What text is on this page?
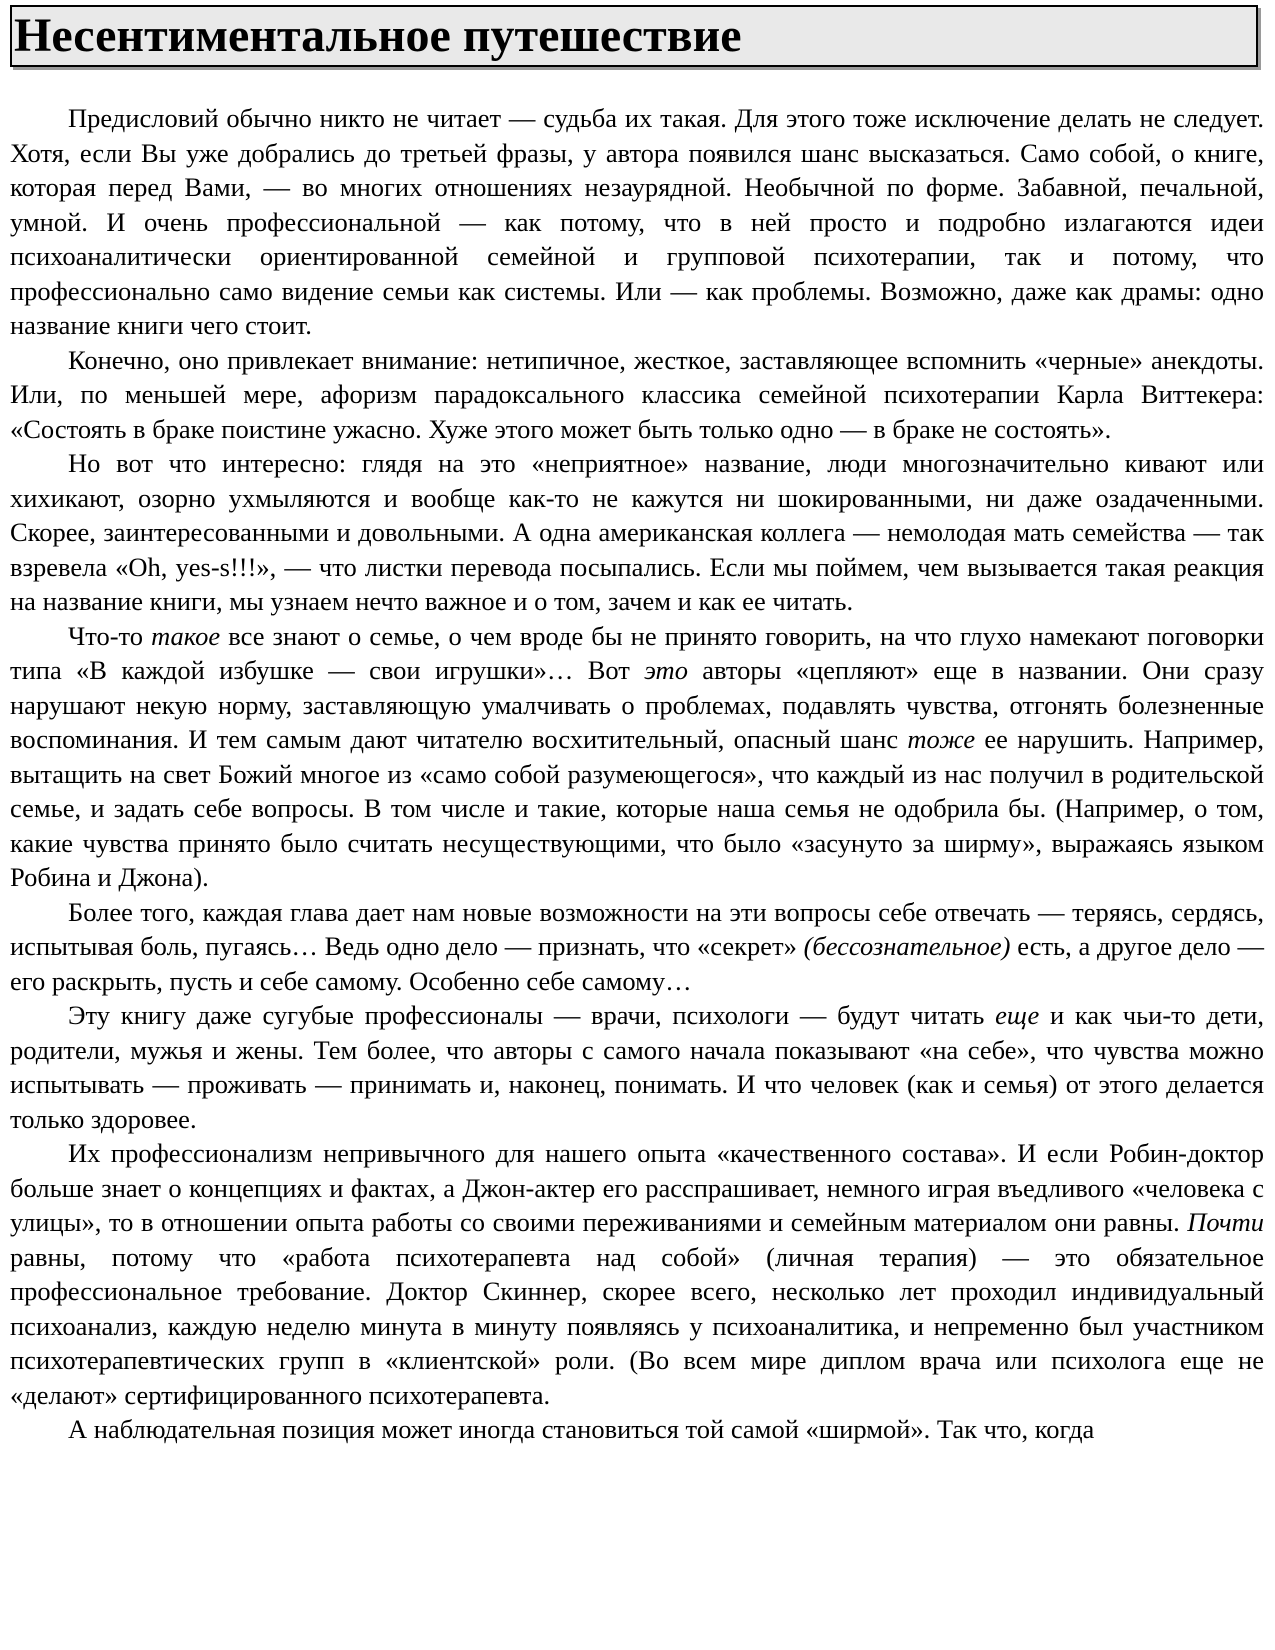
Несентиментальное путешествие

Предисловий обычно никто не читает — судьба их такая. Для этого тоже исключение делать не следует. Хотя, если Вы уже добрались до третьей фразы, у автора появился шанс высказаться. Само собой, о книге, которая перед Вами, — во многих отношениях незаурядной. Необычной по форме. Забавной, печальной, умной. И очень профессиональной — как потому, что в ней просто и подробно излагаются идеи психоаналитически ориентированной семейной и групповой психотерапии, так и потому, что профессионально само видение семьи как системы. Или — как проблемы. Возможно, даже как драмы: одно название книги чего стоит.

Конечно, оно привлекает внимание: нетипичное, жесткое, заставляющее вспомнить «черные» анекдоты. Или, по меньшей мере, афоризм парадоксального классика семейной психотерапии Карла Виттекера: «Состоять в браке поистине ужасно. Хуже этого может быть только одно — в браке не состоять».

Но вот что интересно: глядя на это «неприятное» название, люди многозначительно кивают или хихикают, озорно ухмыляются и вообще как-то не кажутся ни шокированными, ни даже озадаченными. Скорее, заинтересованными и довольными. А одна американская коллега — немолодая мать семейства — так взревела «Oh, yes-s!!!», — что листки перевода посыпались. Если мы поймем, чем вызывается такая реакция на название книги, мы узнаем нечто важное и о том, зачем и как ее читать.

Что-то такое все знают о семье, о чем вроде бы не принято говорить, на что глухо намекают поговорки типа «В каждой избушке — свои игрушки»… Вот это авторы «цепляют» еще в названии. Они сразу нарушают некую норму, заставляющую умалчивать о проблемах, подавлять чувства, отгонять болезненные воспоминания. И тем самым дают читателю восхитительный, опасный шанс тоже ее нарушить. Например, вытащить на свет Божий многое из «само собой разумеющегося», что каждый из нас получил в родительской семье, и задать себе вопросы. В том числе и такие, которые наша семья не одобрила бы. (Например, о том, какие чувства принято было считать несуществующими, что было «засунуто за ширму», выражаясь языком Робина и Джона).

Более того, каждая глава дает нам новые возможности на эти вопросы себе отвечать — теряясь, сердясь, испытывая боль, пугаясь… Ведь одно дело — признать, что «секрет» (бессознательное) есть, а другое дело — его раскрыть, пусть и себе самому. Особенно себе самому…

Эту книгу даже сугубые профессионалы — врачи, психологи — будут читать еще и как чьи-то дети, родители, мужья и жены. Тем более, что авторы с самого начала показывают «на себе», что чувства можно испытывать — проживать — принимать и, наконец, понимать. И что человек (как и семья) от этого делается только здоровее.

Их профессионализм непривычного для нашего опыта «качественного состава». И если Робин-доктор больше знает о концепциях и фактах, а Джон-актер его расспрашивает, немного играя въедливого «человека с улицы», то в отношении опыта работы со своими переживаниями и семейным материалом они равны. Почти равны, потому что «работа психотерапевта над собой» (личная терапия) — это обязательное профессиональное требование. Доктор Скиннер, скорее всего, несколько лет проходил индивидуальный психоанализ, каждую неделю минута в минуту появляясь у психоаналитика, и непременно был участником психотерапевтических групп в «клиентской» роли. (Во всем мире диплом врача или психолога еще не «делают» сертифицированного психотерапевта.

А наблюдательная позиция может иногда становиться той самой «ширмой». Так что, когда
